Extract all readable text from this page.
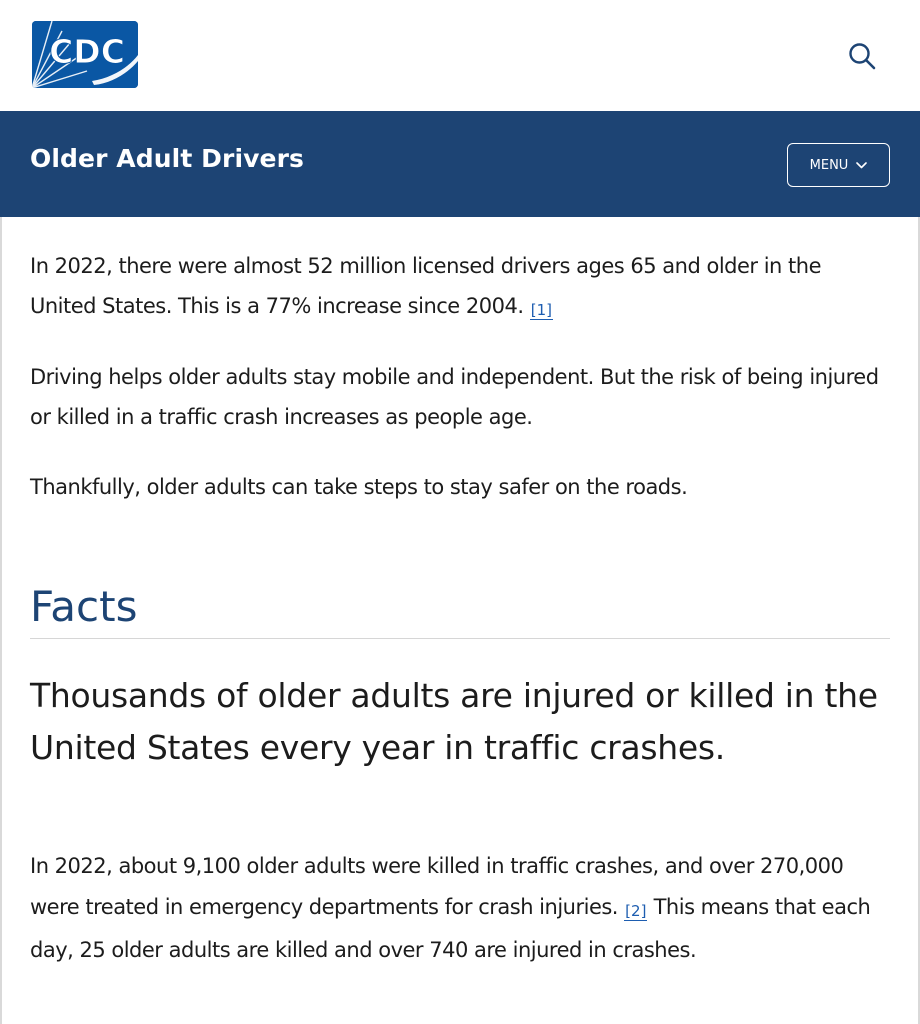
CDC
Older Adult Drivers	MENU

In 2022, there were almost 52 million licensed drivers ages 65 and older in the United States. This is a 77% increase since 2004. [1]

Driving helps older adults stay mobile and independent. But the risk of being injured or killed in a traffic crash increases as people age.

Thankfully, older adults can take steps to stay safer on the roads.

Facts
Thousands of older adults are injured or killed in the United States every year in traffic crashes.

In 2022, about 9,100 older adults were killed in traffic crashes, and over 270,000 were treated in emergency departments for crash injuries. [2] This means that each day, 25 older adults are killed and over 740 are injured in crashes.
